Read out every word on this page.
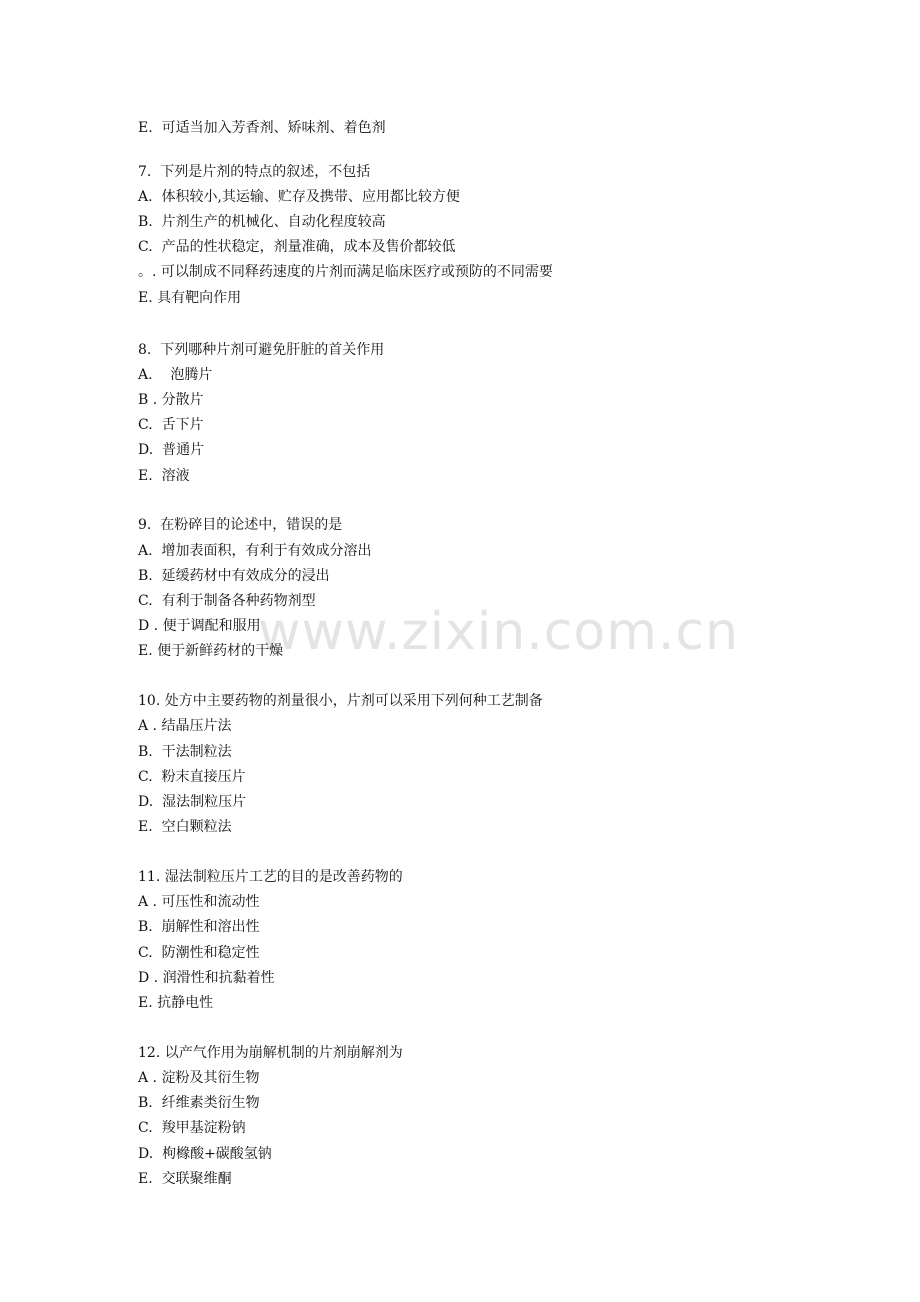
www.zixin.com.cn
E.  可适当加入芳香剂、矫味剂、着色剂
7.  下列是片剂的特点的叙述，不包括
A.  体积较小,其运输、贮存及携带、应用都比较方便
B.  片剂生产的机械化、自动化程度较高
C.  产品的性状稳定，剂量准确，成本及售价都较低
。. 可以制成不同释药速度的片剂而满足临床医疗或预防的不同需要
E. 具有靶向作用
8.  下列哪种片剂可避免肝脏的首关作用
A.    泡腾片
B . 分散片
C.  舌下片
D.  普通片
E.  溶液
9.  在粉碎目的论述中，错误的是
A.  增加表面积，有利于有效成分溶出
B.  延缓药材中有效成分的浸出
C.  有利于制备各种药物剂型
D . 便于调配和服用
E. 便于新鲜药材的干燥
10. 处方中主要药物的剂量很小，片剂可以采用下列何种工艺制备
A . 结晶压片法
B.  干法制粒法
C.  粉末直接压片
D.  湿法制粒压片
E.  空白颗粒法
11. 湿法制粒压片工艺的目的是改善药物的
A . 可压性和流动性
B.  崩解性和溶出性
C.  防潮性和稳定性
D . 润滑性和抗黏着性
E. 抗静电性
12. 以产气作用为崩解机制的片剂崩解剂为
A . 淀粉及其衍生物
B.  纤维素类衍生物
C.  羧甲基淀粉钠
D.  枸橼酸+碳酸氢钠
E.  交联聚维酮
